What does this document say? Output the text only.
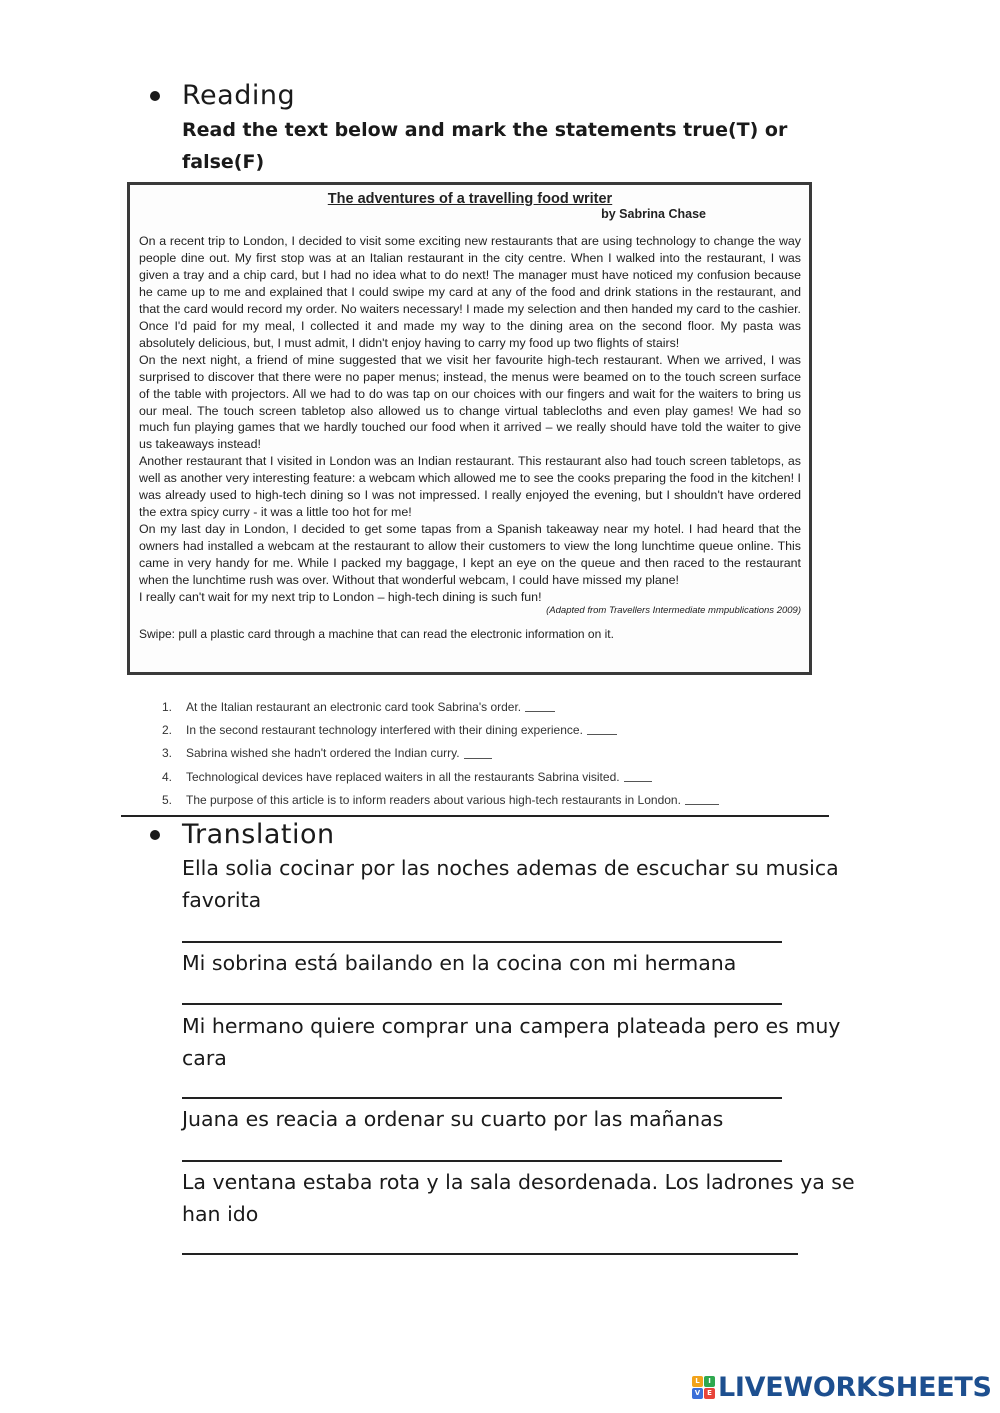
Reading
Read the text below and mark the statements true(T) or false(F)
The adventures of a travelling food writer
by Sabrina Chase

On a recent trip to London, I decided to visit some exciting new restaurants that are using technology to change the way people dine out. My first stop was at an Italian restaurant in the city centre. When I walked into the restaurant, I was given a tray and a chip card, but I had no idea what to do next! The manager must have noticed my confusion because he came up to me and explained that I could swipe my card at any of the food and drink stations in the restaurant, and that the card would record my order. No waiters necessary! I made my selection and then handed my card to the cashier. Once I'd paid for my meal, I collected it and made my way to the dining area on the second floor. My pasta was absolutely delicious, but, I must admit, I didn't enjoy having to carry my food up two flights of stairs!

On the next night, a friend of mine suggested that we visit her favourite high-tech restaurant. When we arrived, I was surprised to discover that there were no paper menus; instead, the menus were beamed on to the touch screen surface of the table with projectors. All we had to do was tap on our choices with our fingers and wait for the waiters to bring us our meal. The touch screen tabletop also allowed us to change virtual tablecloths and even play games! We had so much fun playing games that we hardly touched our food when it arrived – we really should have told the waiter to give us takeaways instead!

Another restaurant that I visited in London was an Indian restaurant. This restaurant also had touch screen tabletops, as well as another very interesting feature: a webcam which allowed me to see the cooks preparing the food in the kitchen! I was already used to high-tech dining so I was not impressed. I really enjoyed the evening, but I shouldn't have ordered the extra spicy curry - it was a little too hot for me!

On my last day in London, I decided to get some tapas from a Spanish takeaway near my hotel. I had heard that the owners had installed a webcam at the restaurant to allow their customers to view the long lunchtime queue online. This came in very handy for me. While I packed my baggage, I kept an eye on the queue and then raced to the restaurant when the lunchtime rush was over. Without that wonderful webcam, I could have missed my plane!

I really can't wait for my next trip to London – high-tech dining is such fun!

(Adapted from Travellers Intermediate mmpublications 2009)
Swipe: pull a plastic card through a machine that can read the electronic information on it.
1.	At the Italian restaurant an electronic card took Sabrina's order.
2.	In the second restaurant technology interfered with their dining experience.
3.	Sabrina wished she hadn't ordered the Indian curry.
4.	Technological devices have replaced waiters in all the restaurants Sabrina visited.
5.	The purpose of this article is to inform readers about various high-tech restaurants in London.
Translation
Ella solia cocinar por las noches ademas de escuchar su musica favorita
Mi sobrina está bailando en la cocina con mi hermana
Mi hermano quiere comprar una campera plateada pero es muy cara
Juana es reacia a ordenar su cuarto por las mañanas
La ventana estaba rota y la sala desordenada. Los ladrones ya se han ido
L	I
V E LIVEWORKSHEETS
